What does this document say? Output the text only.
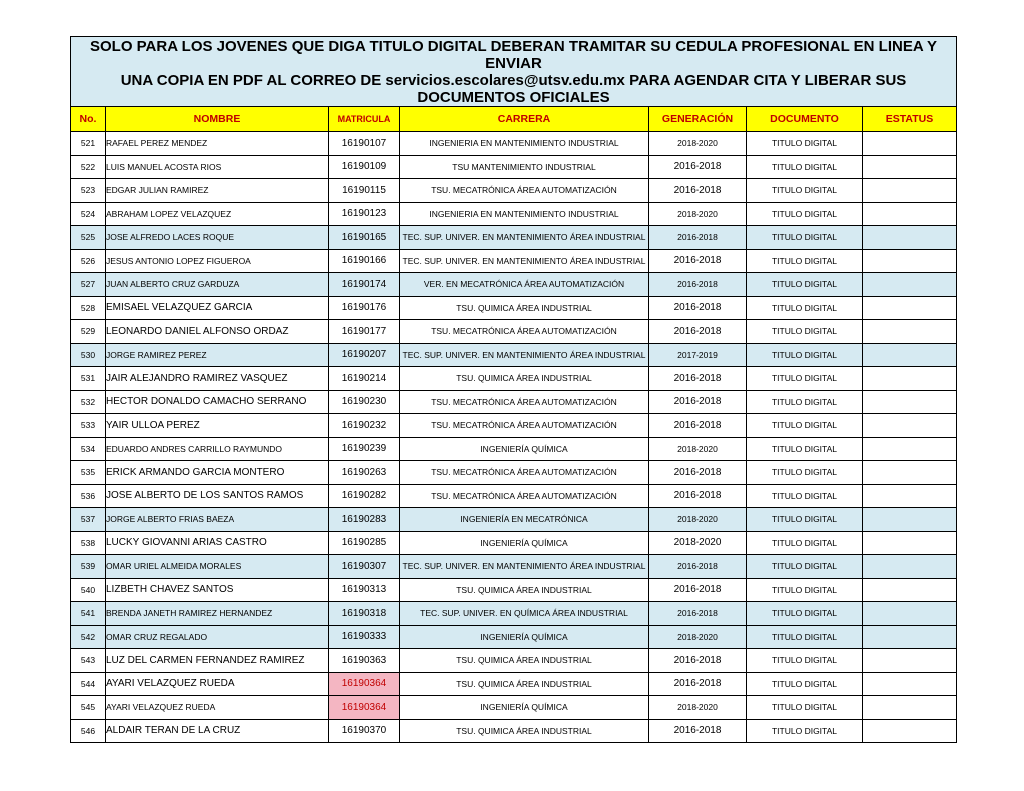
SOLO PARA LOS JOVENES QUE DIGA TITULO DIGITAL DEBERAN TRAMITAR SU CEDULA PROFESIONAL EN LINEA Y ENVIAR
UNA COPIA EN PDF AL CORREO DE servicios.escolares@utsv.edu.mx PARA AGENDAR CITA Y LIBERAR SUS
DOCUMENTOS OFICIALES						

No.	NOMBRE	MATRICULA	CARRERA	GENERACIÓN	DOCUMENTO	ESTATUS
521	RAFAEL PEREZ MENDEZ	16190107	INGENIERIA EN MANTENIMIENTO INDUSTRIAL	2018-2020	TITULO DIGITAL	
522	LUIS MANUEL ACOSTA RIOS	16190109	TSU MANTENIMIENTO INDUSTRIAL	2016-2018	TITULO DIGITAL	
523	EDGAR JULIAN RAMIREZ	16190115	TSU. MECATRÓNICA ÁREA AUTOMATIZACIÓN	2016-2018	TITULO DIGITAL	
524	ABRAHAM LOPEZ VELAZQUEZ	16190123	INGENIERIA EN MANTENIMIENTO INDUSTRIAL	2018-2020	TITULO DIGITAL	
525	JOSE ALFREDO LACES ROQUE	16190165	TEC. SUP. UNIVER. EN MANTENIMIENTO ÁREA INDUSTRIAL	2016-2018	TITULO DIGITAL	
526	JESUS ANTONIO LOPEZ FIGUEROA	16190166	TEC. SUP. UNIVER. EN MANTENIMIENTO ÁREA INDUSTRIAL	2016-2018	TITULO DIGITAL	
527	JUAN ALBERTO CRUZ GARDUZA	16190174	VER. EN MECATRÓNICA ÁREA AUTOMATIZACIÓN	2016-2018	TITULO DIGITAL	
528	EMISAEL VELAZQUEZ GARCIA	16190176	TSU. QUIMICA ÁREA INDUSTRIAL	2016-2018	TITULO DIGITAL	
529	LEONARDO DANIEL ALFONSO ORDAZ	16190177	TSU. MECATRÓNICA ÁREA AUTOMATIZACIÓN	2016-2018	TITULO DIGITAL	
530	JORGE RAMIREZ PEREZ	16190207	TEC. SUP. UNIVER. EN MANTENIMIENTO ÁREA INDUSTRIAL	2017-2019	TITULO DIGITAL	
531	JAIR ALEJANDRO RAMIREZ VASQUEZ	16190214	TSU. QUIMICA ÁREA INDUSTRIAL	2016-2018	TITULO DIGITAL	
532	HECTOR DONALDO CAMACHO SERRANO	16190230	TSU. MECATRÓNICA ÁREA AUTOMATIZACIÓN	2016-2018	TITULO DIGITAL	
533	YAIR ULLOA PEREZ	16190232	TSU. MECATRÓNICA ÁREA AUTOMATIZACIÓN	2016-2018	TITULO DIGITAL	
534	EDUARDO ANDRES CARRILLO RAYMUNDO	16190239	INGENIERÍA QUÍMICA	2018-2020	TITULO DIGITAL	
535	ERICK ARMANDO GARCIA MONTERO	16190263	TSU. MECATRÓNICA ÁREA AUTOMATIZACIÓN	2016-2018	TITULO DIGITAL	
536	JOSE ALBERTO DE LOS SANTOS RAMOS	16190282	TSU. MECATRÓNICA ÁREA AUTOMATIZACIÓN	2016-2018	TITULO DIGITAL	
537	JORGE ALBERTO FRIAS BAEZA	16190283	INGENIERÍA EN MECATRÓNICA	2018-2020	TITULO DIGITAL	
538	LUCKY GIOVANNI ARIAS CASTRO	16190285	INGENIERÍA QUÍMICA	2018-2020	TITULO DIGITAL	
539	OMAR URIEL ALMEIDA MORALES	16190307	TEC. SUP. UNIVER. EN MANTENIMIENTO ÁREA INDUSTRIAL	2016-2018	TITULO DIGITAL	
540	LIZBETH CHAVEZ SANTOS	16190313	TSU. QUIMICA ÁREA INDUSTRIAL	2016-2018	TITULO DIGITAL	
541	BRENDA JANETH RAMIREZ HERNANDEZ	16190318	TEC. SUP. UNIVER. EN QUÍMICA ÁREA INDUSTRIAL	2016-2018	TITULO DIGITAL	
542	OMAR CRUZ REGALADO	16190333	INGENIERÍA QUÍMICA	2018-2020	TITULO DIGITAL	
543	LUZ DEL CARMEN FERNANDEZ RAMIREZ	16190363	TSU. QUIMICA ÁREA INDUSTRIAL	2016-2018	TITULO DIGITAL	
544	AYARI VELAZQUEZ RUEDA	16190364	TSU. QUIMICA ÁREA INDUSTRIAL	2016-2018	TITULO DIGITAL	
545	AYARI VELAZQUEZ RUEDA	16190364	INGENIERÍA QUÍMICA	2018-2020	TITULO DIGITAL	
546	ALDAIR TERAN DE LA CRUZ	16190370	TSU. QUIMICA ÁREA INDUSTRIAL	2016-2018	TITULO DIGITAL	
